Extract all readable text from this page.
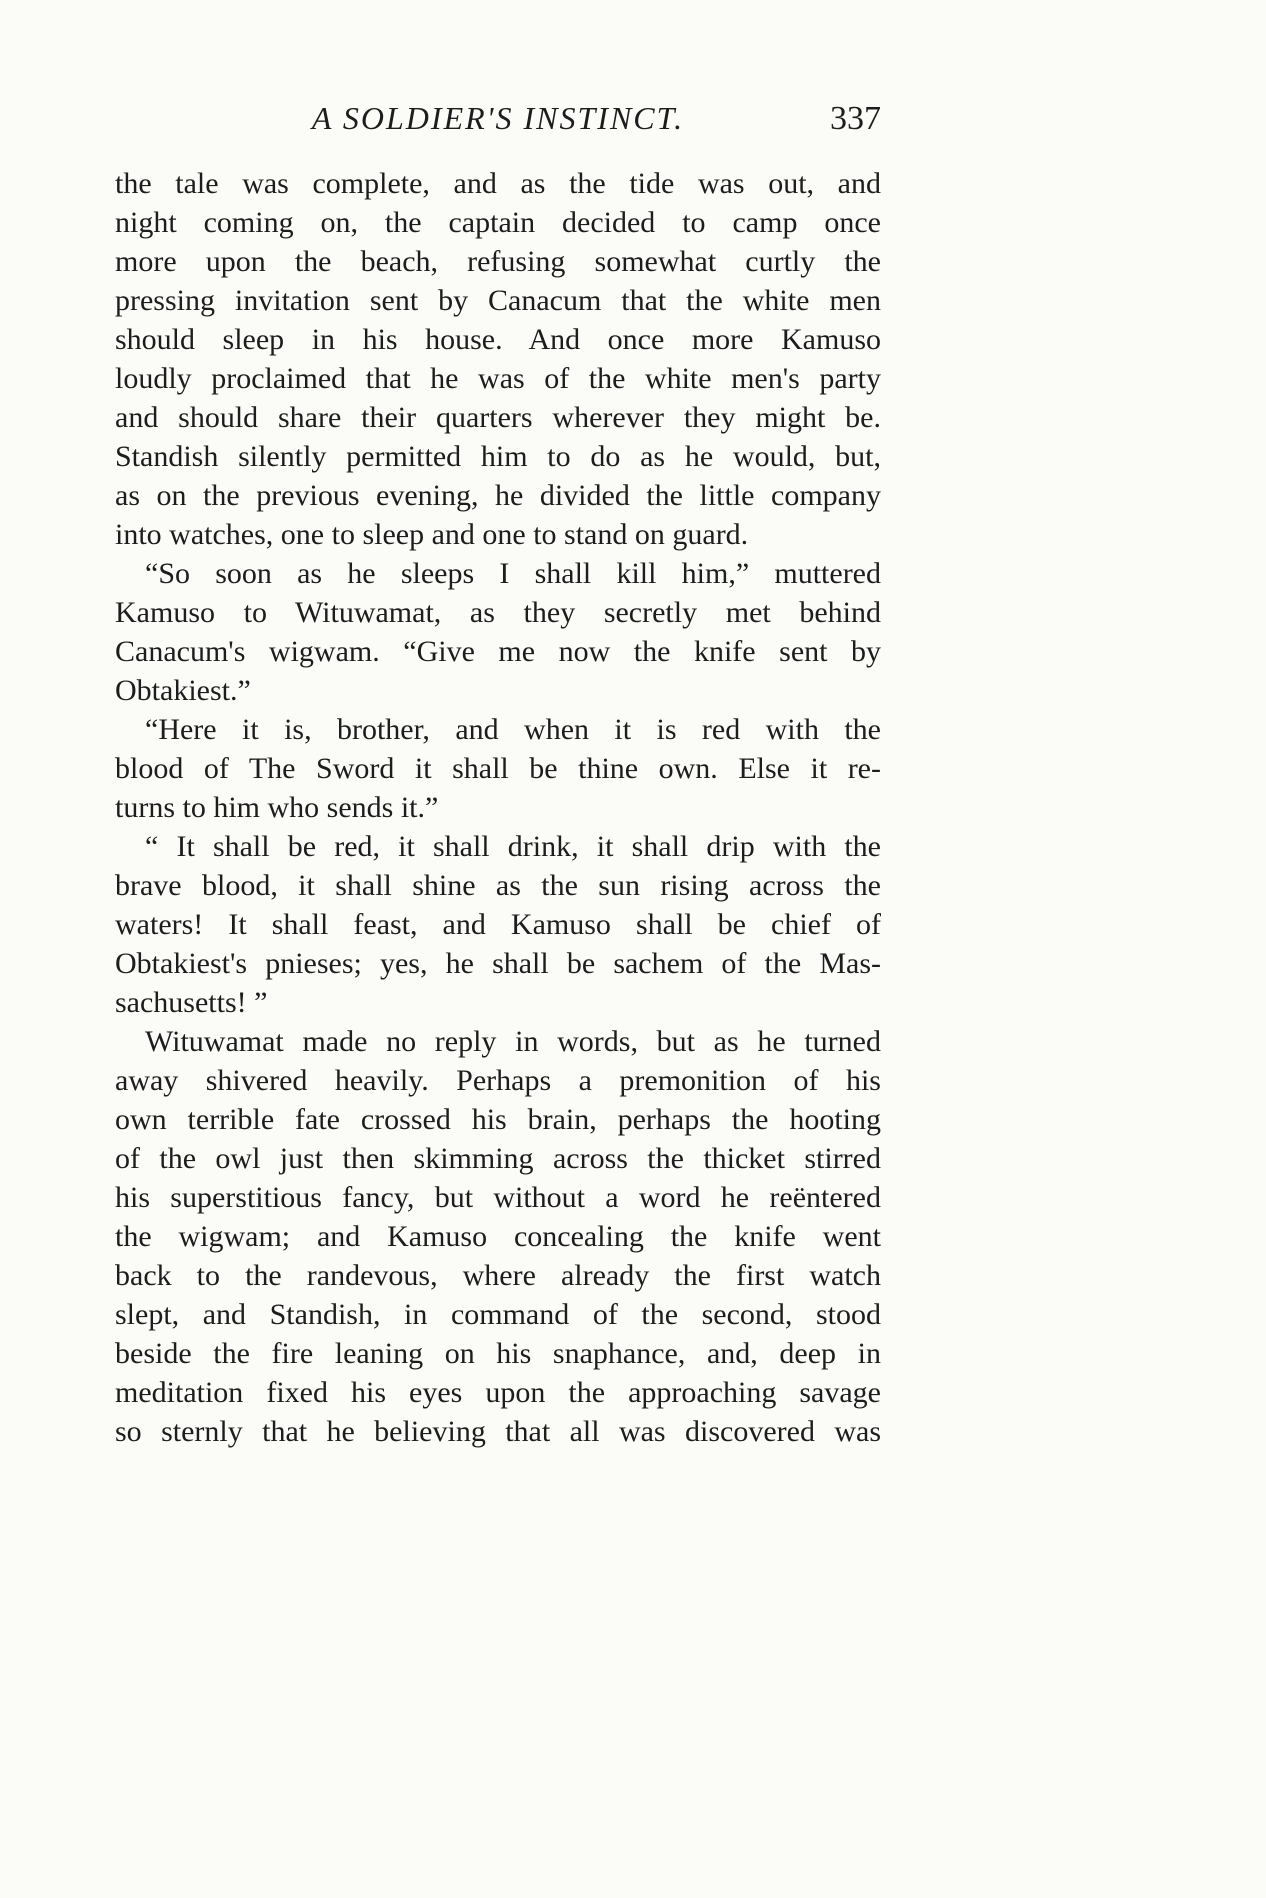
A SOLDIER'S INSTINCT.	337
the tale was complete, and as the tide was out, and
night coming on, the captain decided to camp once
more upon the beach, refusing somewhat curtly the
pressing invitation sent by Canacum that the white men
should sleep in his house. And once more Kamuso
loudly proclaimed that he was of the white men's party
and should share their quarters wherever they might be.
Standish silently permitted him to do as he would, but,
as on the previous evening, he divided the little company
into watches, one to sleep and one to stand on guard.
“So soon as he sleeps I shall kill him,” muttered
Kamuso to Wituwamat, as they secretly met behind
Canacum's wigwam. “Give me now the knife sent by
Obtakiest.”
“Here it is, brother, and when it is red with the
blood of The Sword it shall be thine own. Else it re-
turns to him who sends it.”
“ It shall be red, it shall drink, it shall drip with the
brave blood, it shall shine as the sun rising across the
waters! It shall feast, and Kamuso shall be chief of
Obtakiest's pnieses; yes, he shall be sachem of the Mas-
sachusetts! ”
Wituwamat made no reply in words, but as he turned
away shivered heavily. Perhaps a premonition of his
own terrible fate crossed his brain, perhaps the hooting
of the owl just then skimming across the thicket stirred
his superstitious fancy, but without a word he reëntered
the wigwam; and Kamuso concealing the knife went
back to the randevous, where already the first watch
slept, and Standish, in command of the second, stood
beside the fire leaning on his snaphance, and, deep in
meditation fixed his eyes upon the approaching savage
so sternly that he believing that all was discovered was
